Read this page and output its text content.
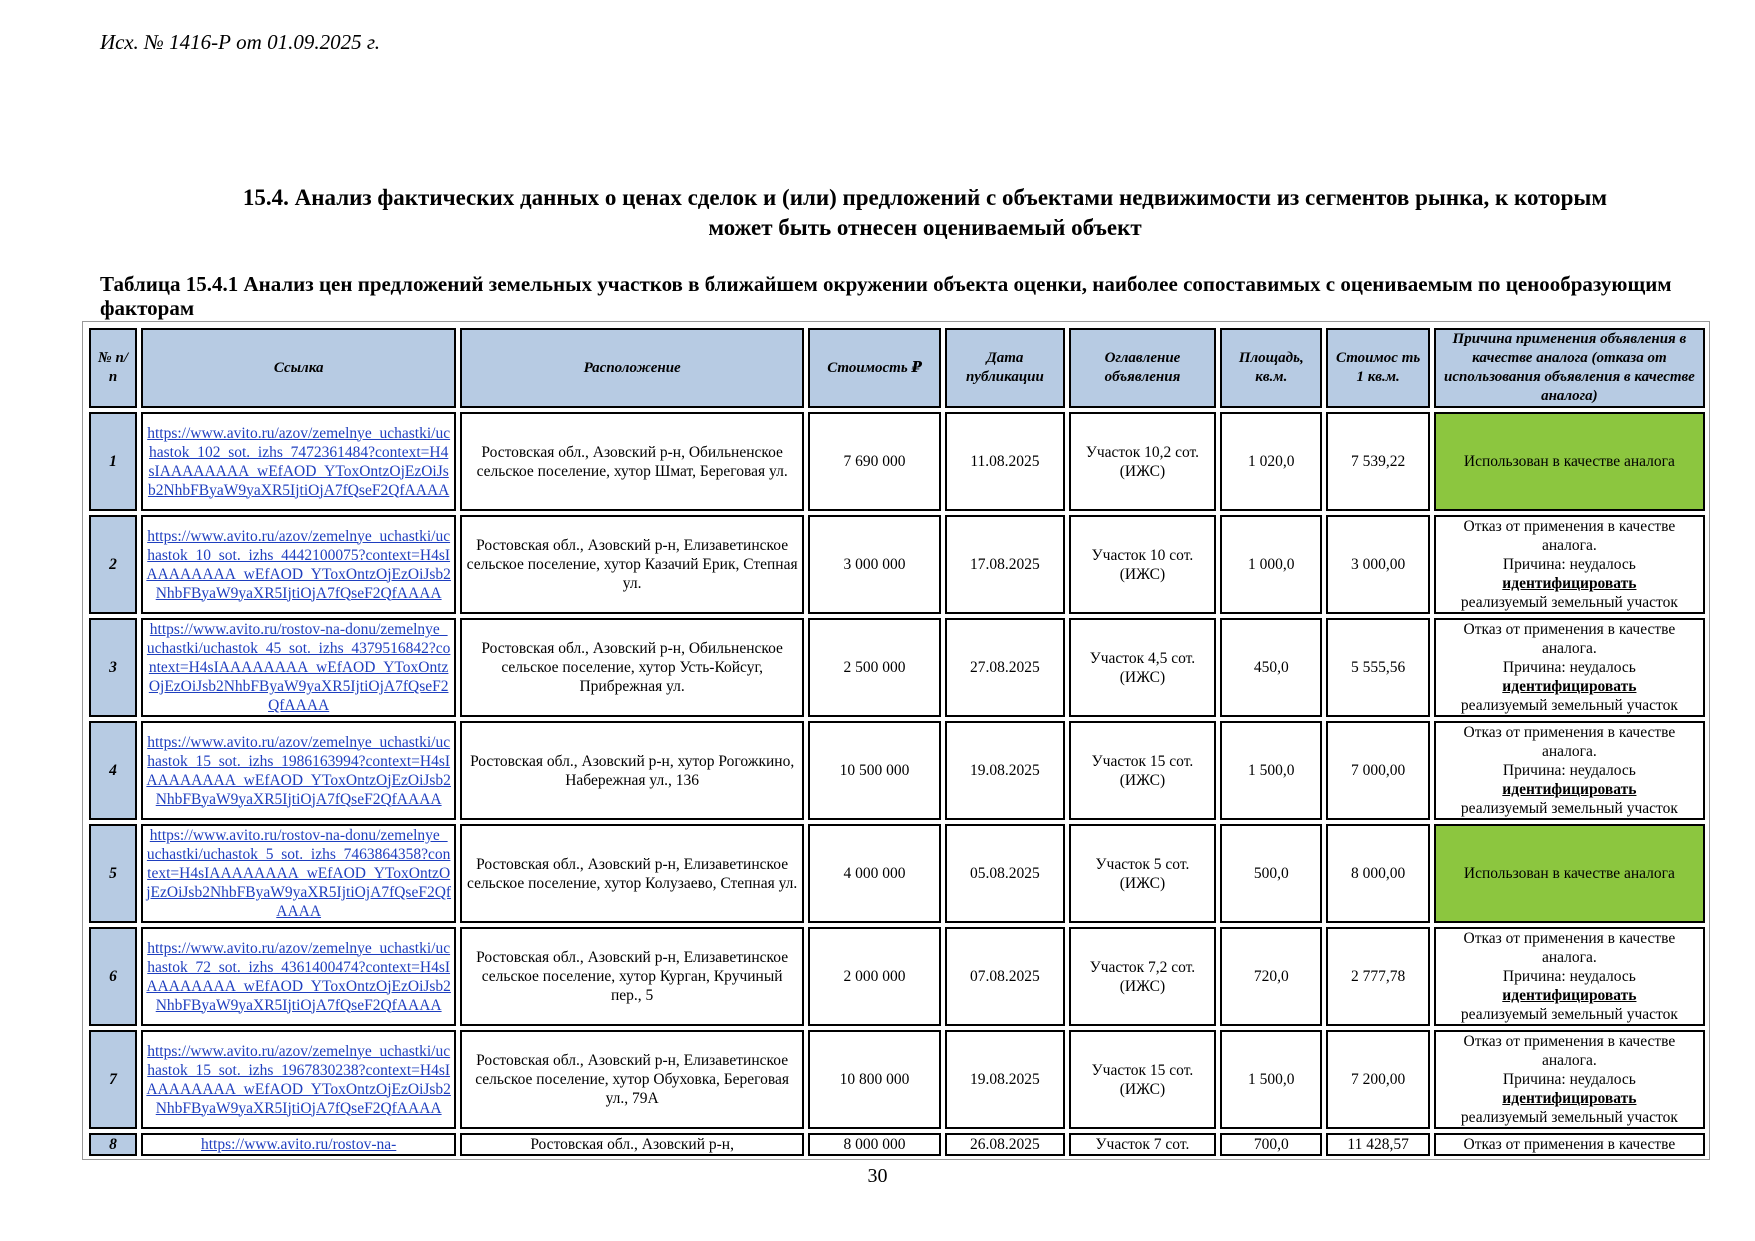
Исх. № 1416-Р от 01.09.2025 г.
15.4. Анализ фактических данных о ценах сделок и (или) предложений с объектами недвижимости из сегментов рынка, к которым
может быть отнесен оцениваемый объект
Таблица 15.4.1 Анализ цен предложений земельных участков в ближайшем окружении объекта оценки, наиболее сопоставимых с оцениваемым по ценообразующим факторам
№ п/п	Ссылка	Расположение	Стоимость ₽	Дата публикации	Оглавление объявления	Площадь, кв.м.	Стоимос ть 1 кв.м.	Причина применения объявления в качестве аналога (отказа от использования объявления в качестве аналога)
1	https://www.avito.ru/azov/zemelnye_uchastki/uchastok_102_sot._izhs_7472361484?context=H4sIAAAAAAAA_wEfAOD_YToxOntzOjEzOiJsb2NhbFByaW9yaXR5IjtiOjA7fQseF2QfAAAA	Ростовская обл., Азовский р-н, Обильненское сельское поселение, хутор Шмат, Береговая ул.	7 690 000	11.08.2025	Участок 10,2 сот. (ИЖС)	1 020,0	7 539,22	Использован в качестве аналога
2	https://www.avito.ru/azov/zemelnye_uchastki/uchastok_10_sot._izhs_4442100075?context=H4sIAAAAAAAA_wEfAOD_YToxOntzOjEzOiJsb2NhbFByaW9yaXR5IjtiOjA7fQseF2QfAAAA	Ростовская обл., Азовский р-н, Елизаветинское сельское поселение, хутор Казачий Ерик, Степная ул.	3 000 000	17.08.2025	Участок 10 сот. (ИЖС)	1 000,0	3 000,00	Отказ от применения в качестве аналога.
Причина: неудалось
идентифицировать
реализуемый земельный участок

3	https://www.avito.ru/rostov-na-donu/zemelnye_uchastki/uchastok_45_sot._izhs_4379516842?context=H4sIAAAAAAAA_wEfAOD_YToxOntzOjEzOiJsb2NhbFByaW9yaXR5IjtiOjA7fQseF2QfAAAA	Ростовская обл., Азовский р-н, Обильненское сельское поселение, хутор Усть-Койсуг, Прибрежная ул.	2 500 000	27.08.2025	Участок 4,5 сот. (ИЖС)	450,0	5 555,56	Отказ от применения в качестве аналога.
Причина: неудалось
идентифицировать
реализуемый земельный участок

4	https://www.avito.ru/azov/zemelnye_uchastki/uchastok_15_sot._izhs_1986163994?context=H4sIAAAAAAAA_wEfAOD_YToxOntzOjEzOiJsb2NhbFByaW9yaXR5IjtiOjA7fQseF2QfAAAA	Ростовская обл., Азовский р-н, хутор Рогожкино, Набережная ул., 136	10 500 000	19.08.2025	Участок 15 сот. (ИЖС)	1 500,0	7 000,00	Отказ от применения в качестве аналога.
Причина: неудалось
идентифицировать
реализуемый земельный участок

5	https://www.avito.ru/rostov-na-donu/zemelnye_uchastki/uchastok_5_sot._izhs_7463864358?context=H4sIAAAAAAAA_wEfAOD_YToxOntzOjEzOiJsb2NhbFByaW9yaXR5IjtiOjA7fQseF2QfAAAA	Ростовская обл., Азовский р-н, Елизаветинское сельское поселение, хутор Колузаево, Степная ул.	4 000 000	05.08.2025	Участок 5 сот. (ИЖС)	500,0	8 000,00	Использован в качестве аналога
6	https://www.avito.ru/azov/zemelnye_uchastki/uchastok_72_sot._izhs_4361400474?context=H4sIAAAAAAAA_wEfAOD_YToxOntzOjEzOiJsb2NhbFByaW9yaXR5IjtiOjA7fQseF2QfAAAA	Ростовская обл., Азовский р-н, Елизаветинское сельское поселение, хутор Курган, Кручиный пер., 5	2 000 000	07.08.2025	Участок 7,2 сот. (ИЖС)	720,0	2 777,78	Отказ от применения в качестве аналога.
Причина: неудалось
идентифицировать
реализуемый земельный участок

7	https://www.avito.ru/azov/zemelnye_uchastki/uchastok_15_sot._izhs_1967830238?context=H4sIAAAAAAAA_wEfAOD_YToxOntzOjEzOiJsb2NhbFByaW9yaXR5IjtiOjA7fQseF2QfAAAA	Ростовская обл., Азовский р-н, Елизаветинское сельское поселение, хутор Обуховка, Береговая ул., 79А	10 800 000	19.08.2025	Участок 15 сот. (ИЖС)	1 500,0	7 200,00	Отказ от применения в качестве аналога.
Причина: неудалось
идентифицировать
реализуемый земельный участок

8	https://www.avito.ru/rostov-na-	Ростовская обл., Азовский р-н,	8 000 000	26.08.2025	Участок 7 сот.	700,0	11 428,57	Отказ от применения в качестве
30
